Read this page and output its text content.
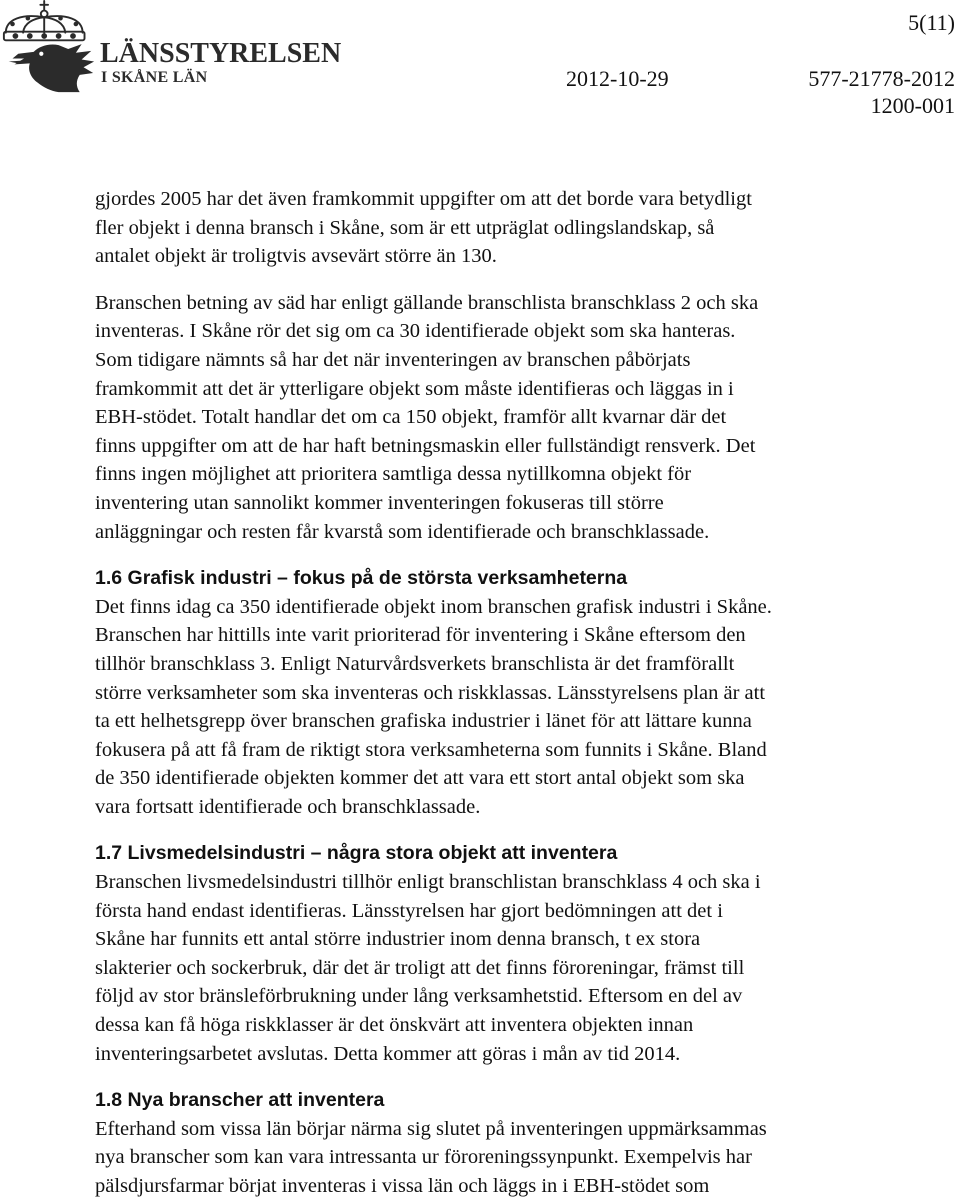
LÄNSSTYRELSEN
I SKÅNE LÄN
5(11)
2012-10-29	577-21778-2012
1200-001
gjordes 2005 har det även framkommit uppgifter om att det borde vara betydligt
fler objekt i denna bransch i Skåne, som är ett utpräglat odlingslandskap, så
antalet objekt är troligtvis avsevärt större än 130.
Branschen betning av säd har enligt gällande branschlista branschklass 2 och ska
inventeras. I Skåne rör det sig om ca 30 identifierade objekt som ska hanteras.
Som tidigare nämnts så har det när inventeringen av branschen påbörjats
framkommit att det är ytterligare objekt som måste identifieras och läggas in i
EBH-stödet. Totalt handlar det om ca 150 objekt, framför allt kvarnar där det
finns uppgifter om att de har haft betningsmaskin eller fullständigt rensverk. Det
finns ingen möjlighet att prioritera samtliga dessa nytillkomna objekt för
inventering utan sannolikt kommer inventeringen fokuseras till större
anläggningar och resten får kvarstå som identifierade och branschklassade.
1.6 Grafisk industri – fokus på de största verksamheterna
Det finns idag ca 350 identifierade objekt inom branschen grafisk industri i Skåne.
Branschen har hittills inte varit prioriterad för inventering i Skåne eftersom den
tillhör branschklass 3. Enligt Naturvårdsverkets branschlista är det framförallt
större verksamheter som ska inventeras och riskklassas. Länsstyrelsens plan är att
ta ett helhetsgrepp över branschen grafiska industrier i länet för att lättare kunna
fokusera på att få fram de riktigt stora verksamheterna som funnits i Skåne. Bland
de 350 identifierade objekten kommer det att vara ett stort antal objekt som ska
vara fortsatt identifierade och branschklassade.
1.7 Livsmedelsindustri – några stora objekt att inventera
Branschen livsmedelsindustri tillhör enligt branschlistan branschklass 4 och ska i
första hand endast identifieras. Länsstyrelsen har gjort bedömningen att det i
Skåne har funnits ett antal större industrier inom denna bransch, t ex stora
slakterier och sockerbruk, där det är troligt att det finns föroreningar, främst till
följd av stor bränsleförbrukning under lång verksamhetstid. Eftersom en del av
dessa kan få höga riskklasser är det önskvärt att inventera objekten innan
inventeringsarbetet avslutas. Detta kommer att göras i mån av tid 2014.
1.8 Nya branscher att inventera
Efterhand som vissa län börjar närma sig slutet på inventeringen uppmärksammas
nya branscher som kan vara intressanta ur föroreningssynpunkt. Exempelvis har
pälsdjursfarmar börjat inventeras i vissa län och läggs in i EBH-stödet som
